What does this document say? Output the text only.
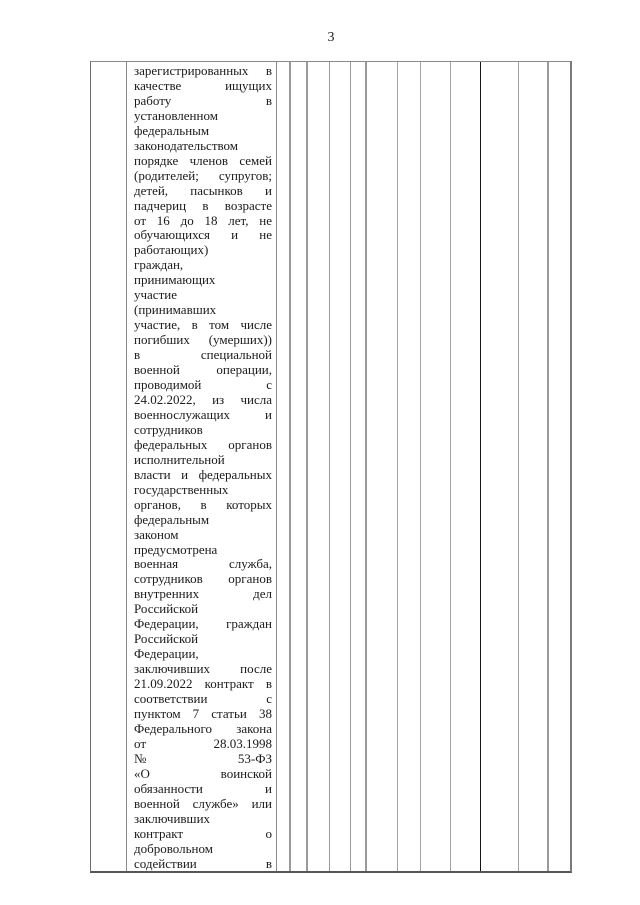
3
зарегистрированных в
качестве ищущих
работу в
установленном
федеральным
законодательством
порядке членов семей
(родителей; супругов;
детей, пасынков и
падчериц в возрасте
от 16 до 18 лет, не
обучающихся и не
работающих)
граждан,
принимающих
участие
(принимавших
участие, в том числе
погибших (умерших))
в специальной
военной операции,
проводимой с
24.02.2022, из числа
военнослужащих и
сотрудников
федеральных органов
исполнительной
власти и федеральных
государственных
органов, в которых
федеральным
законом
предусмотрена
военная служба,
сотрудников органов
внутренних дел
Российской
Федерации, граждан
Российской
Федерации,
заключивших после
21.09.2022 контракт в
соответствии с
пунктом 7 статьи 38
Федерального закона
от 28.03.1998
№ 53-ФЗ
«О воинской
обязанности и
военной службе» или
заключивших
контракт о
добровольном
содействии в
